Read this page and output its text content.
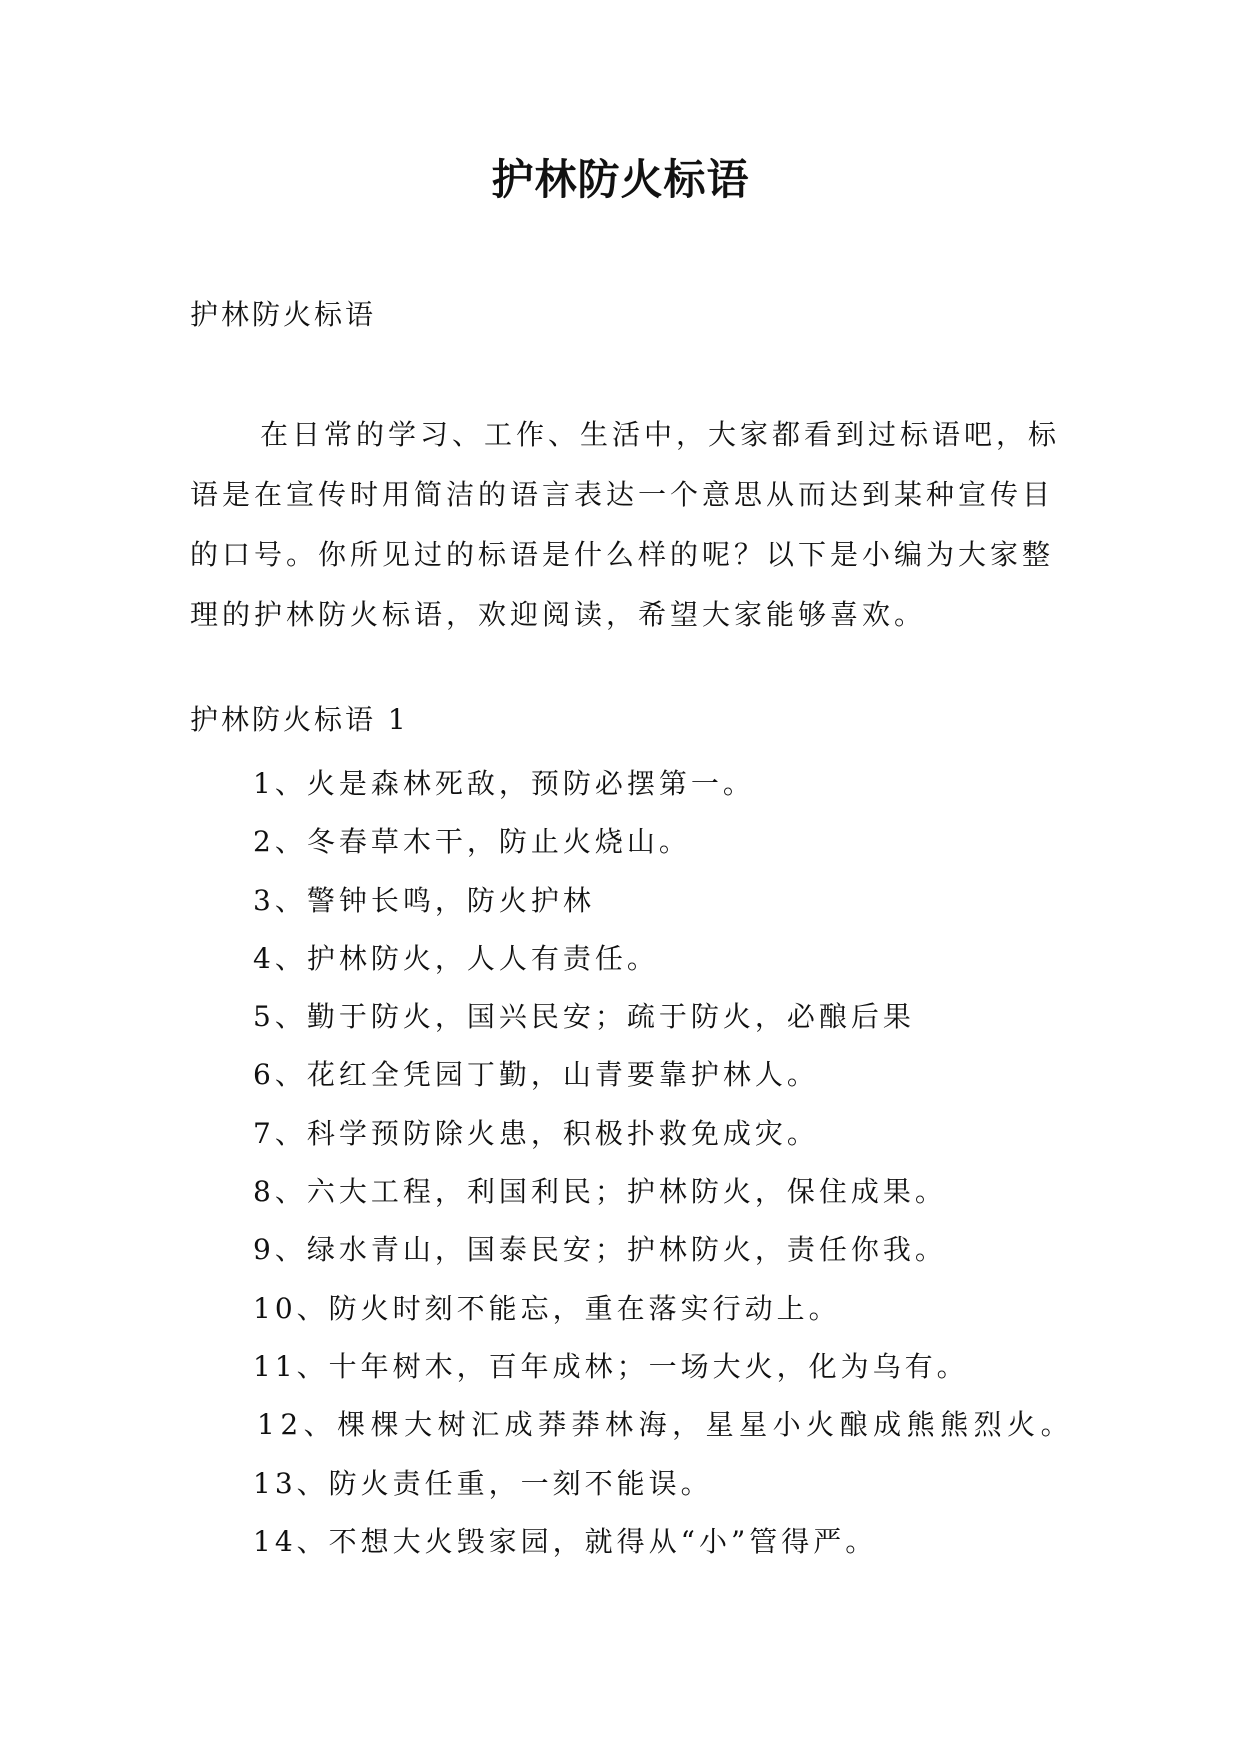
护林防火标语
护林防火标语
在日常的学习、工作、生活中，大家都看到过标语吧，标语是在宣传时用简洁的语言表达一个意思从而达到某种宣传目的口号。你所见过的标语是什么样的呢？以下是小编为大家整理的护林防火标语，欢迎阅读，希望大家能够喜欢。
护林防火标语 1
1、火是森林死敌，预防必摆第一。
2、冬春草木干，防止火烧山。
3、警钟长鸣，防火护林
4、护林防火，人人有责任。
5、勤于防火，国兴民安；疏于防火，必酿后果
6、花红全凭园丁勤，山青要靠护林人。
7、科学预防除火患，积极扑救免成灾。
8、六大工程，利国利民；护林防火，保住成果。
9、绿水青山，国泰民安；护林防火，责任你我。
10、防火时刻不能忘，重在落实行动上。
11、十年树木，百年成林；一场大火，化为乌有。
12、棵棵大树汇成莽莽林海，星星小火酿成熊熊烈火。
13、防火责任重，一刻不能误。
14、不想大火毁家园，就得从“小”管得严。
